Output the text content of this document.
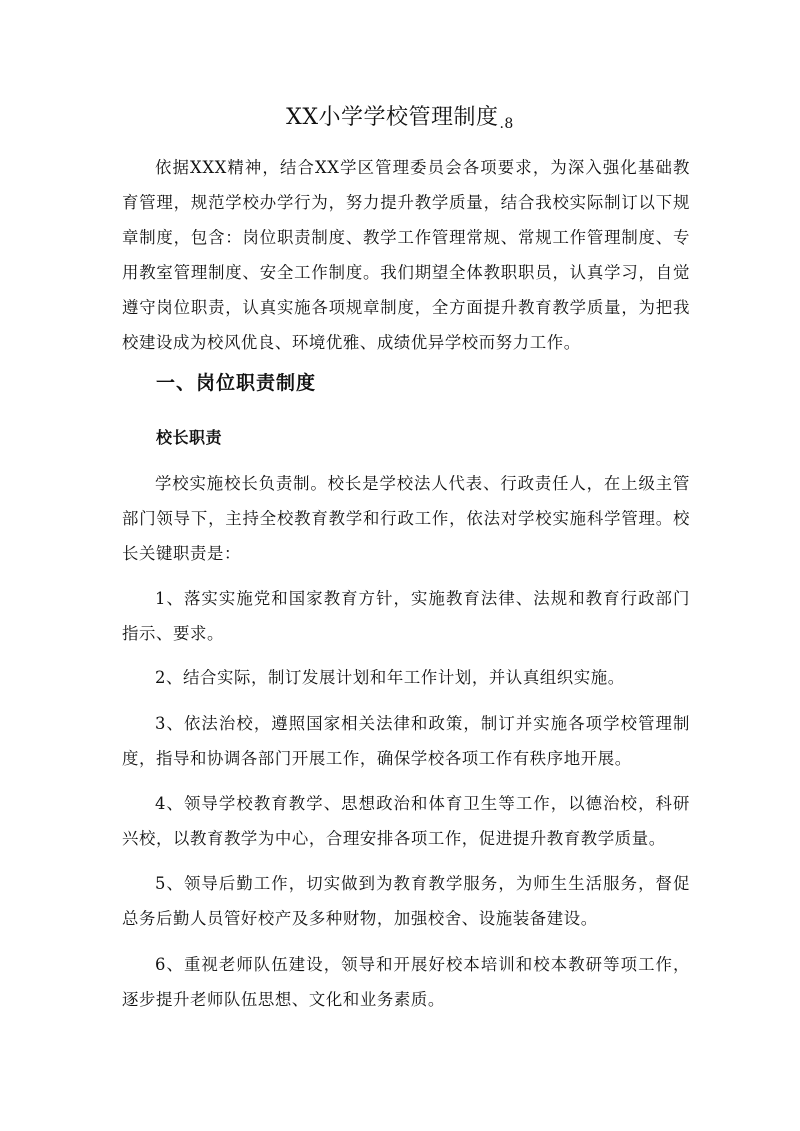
XX小学学校管理制度.8
依据XXX精神，结合XX学区管理委员会各项要求，为深入强化基础教育管理，规范学校办学行为，努力提升教学质量，结合我校实际制订以下规章制度，包含：岗位职责制度、教学工作管理常规、常规工作管理制度、专用教室管理制度、安全工作制度。我们期望全体教职职员，认真学习，自觉遵守岗位职责，认真实施各项规章制度，全方面提升教育教学质量，为把我校建设成为校风优良、环境优雅、成绩优异学校而努力工作。
一、岗位职责制度
校长职责
学校实施校长负责制。校长是学校法人代表、行政责任人，在上级主管部门领导下，主持全校教育教学和行政工作，依法对学校实施科学管理。校长关键职责是：
1、落实实施党和国家教育方针，实施教育法律、法规和教育行政部门指示、要求。
2、结合实际，制订发展计划和年工作计划，并认真组织实施。
3、依法治校，遵照国家相关法律和政策，制订并实施各项学校管理制度，指导和协调各部门开展工作，确保学校各项工作有秩序地开展。
4、领导学校教育教学、思想政治和体育卫生等工作，以德治校，科研兴校，以教育教学为中心，合理安排各项工作，促进提升教育教学质量。
5、领导后勤工作，切实做到为教育教学服务，为师生生活服务，督促总务后勤人员管好校产及多种财物，加强校舍、设施装备建设。
6、重视老师队伍建设，领导和开展好校本培训和校本教研等项工作，逐步提升老师队伍思想、文化和业务素质。
